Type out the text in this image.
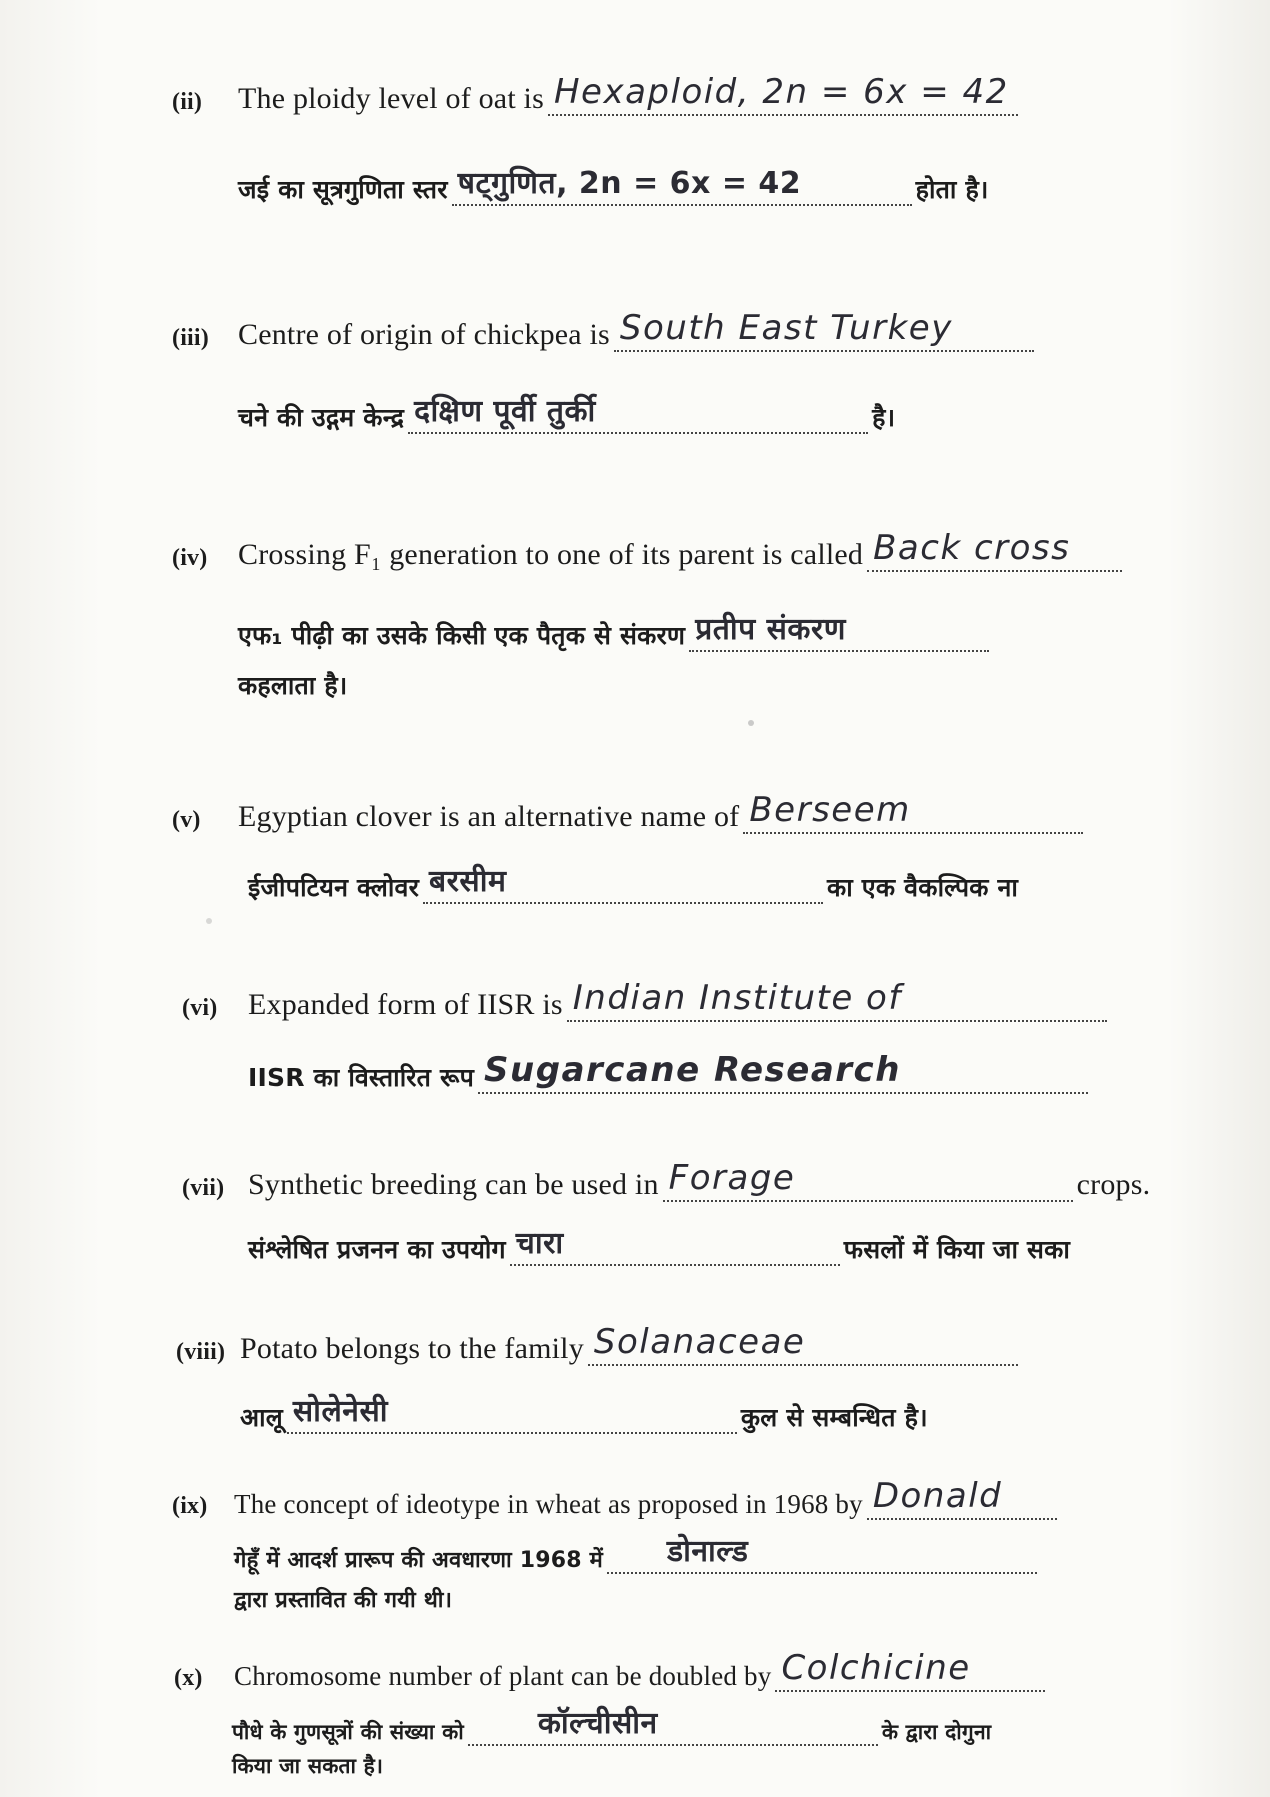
(ii)	The ploidy level of oat is Hexaploid, 2n = 6x = 42
जई का सूत्रगुणिता स्तर षट्गुणित, 2n = 6x = 42	होता है।
(iii) Centre of origin of chickpea is South East Turkey
चने की उद्गम केन्द्र दक्षिण पूर्वी तुर्की	है।
(iv)	Crossing F₁ generation to one of its parent is called Back cross
एफ₁ पीढ़ी का उसके किसी एक पैतृक से संकरण प्रतीप संकरण
कहलाता है।
(v)	Egyptian clover is an alternative name of Berseem
ईजीपटियन क्लोवर बरसीम	का एक वैकल्पिक ना
(vi)	Expanded form of IISR is Indian Institute of
IISR का विस्तारित रूप Sugarcane Research
(vii) Synthetic breeding can be used in Forage	crops.
संश्लेषित प्रजनन का उपयोग चारा	फसलों में किया जा सका
(viii) Potato belongs to the family Solanaceae
आलू सोलेनेसी	कुल से सम्बन्धित है।
(ix) The concept of ideotype in wheat as proposed in 1968 by Donald
गेहूँ में आदर्श प्रारूप की अवधारणा 1968 में डोनाल्ड
द्वारा प्रस्तावित की गयी थी।
(x)	Chromosome number of plant can be doubled by Colchicine
पौधे के गुणसूत्रों की संख्या को कॉल्चीसीन	के द्वारा दोगुना
किया जा सकता है।
